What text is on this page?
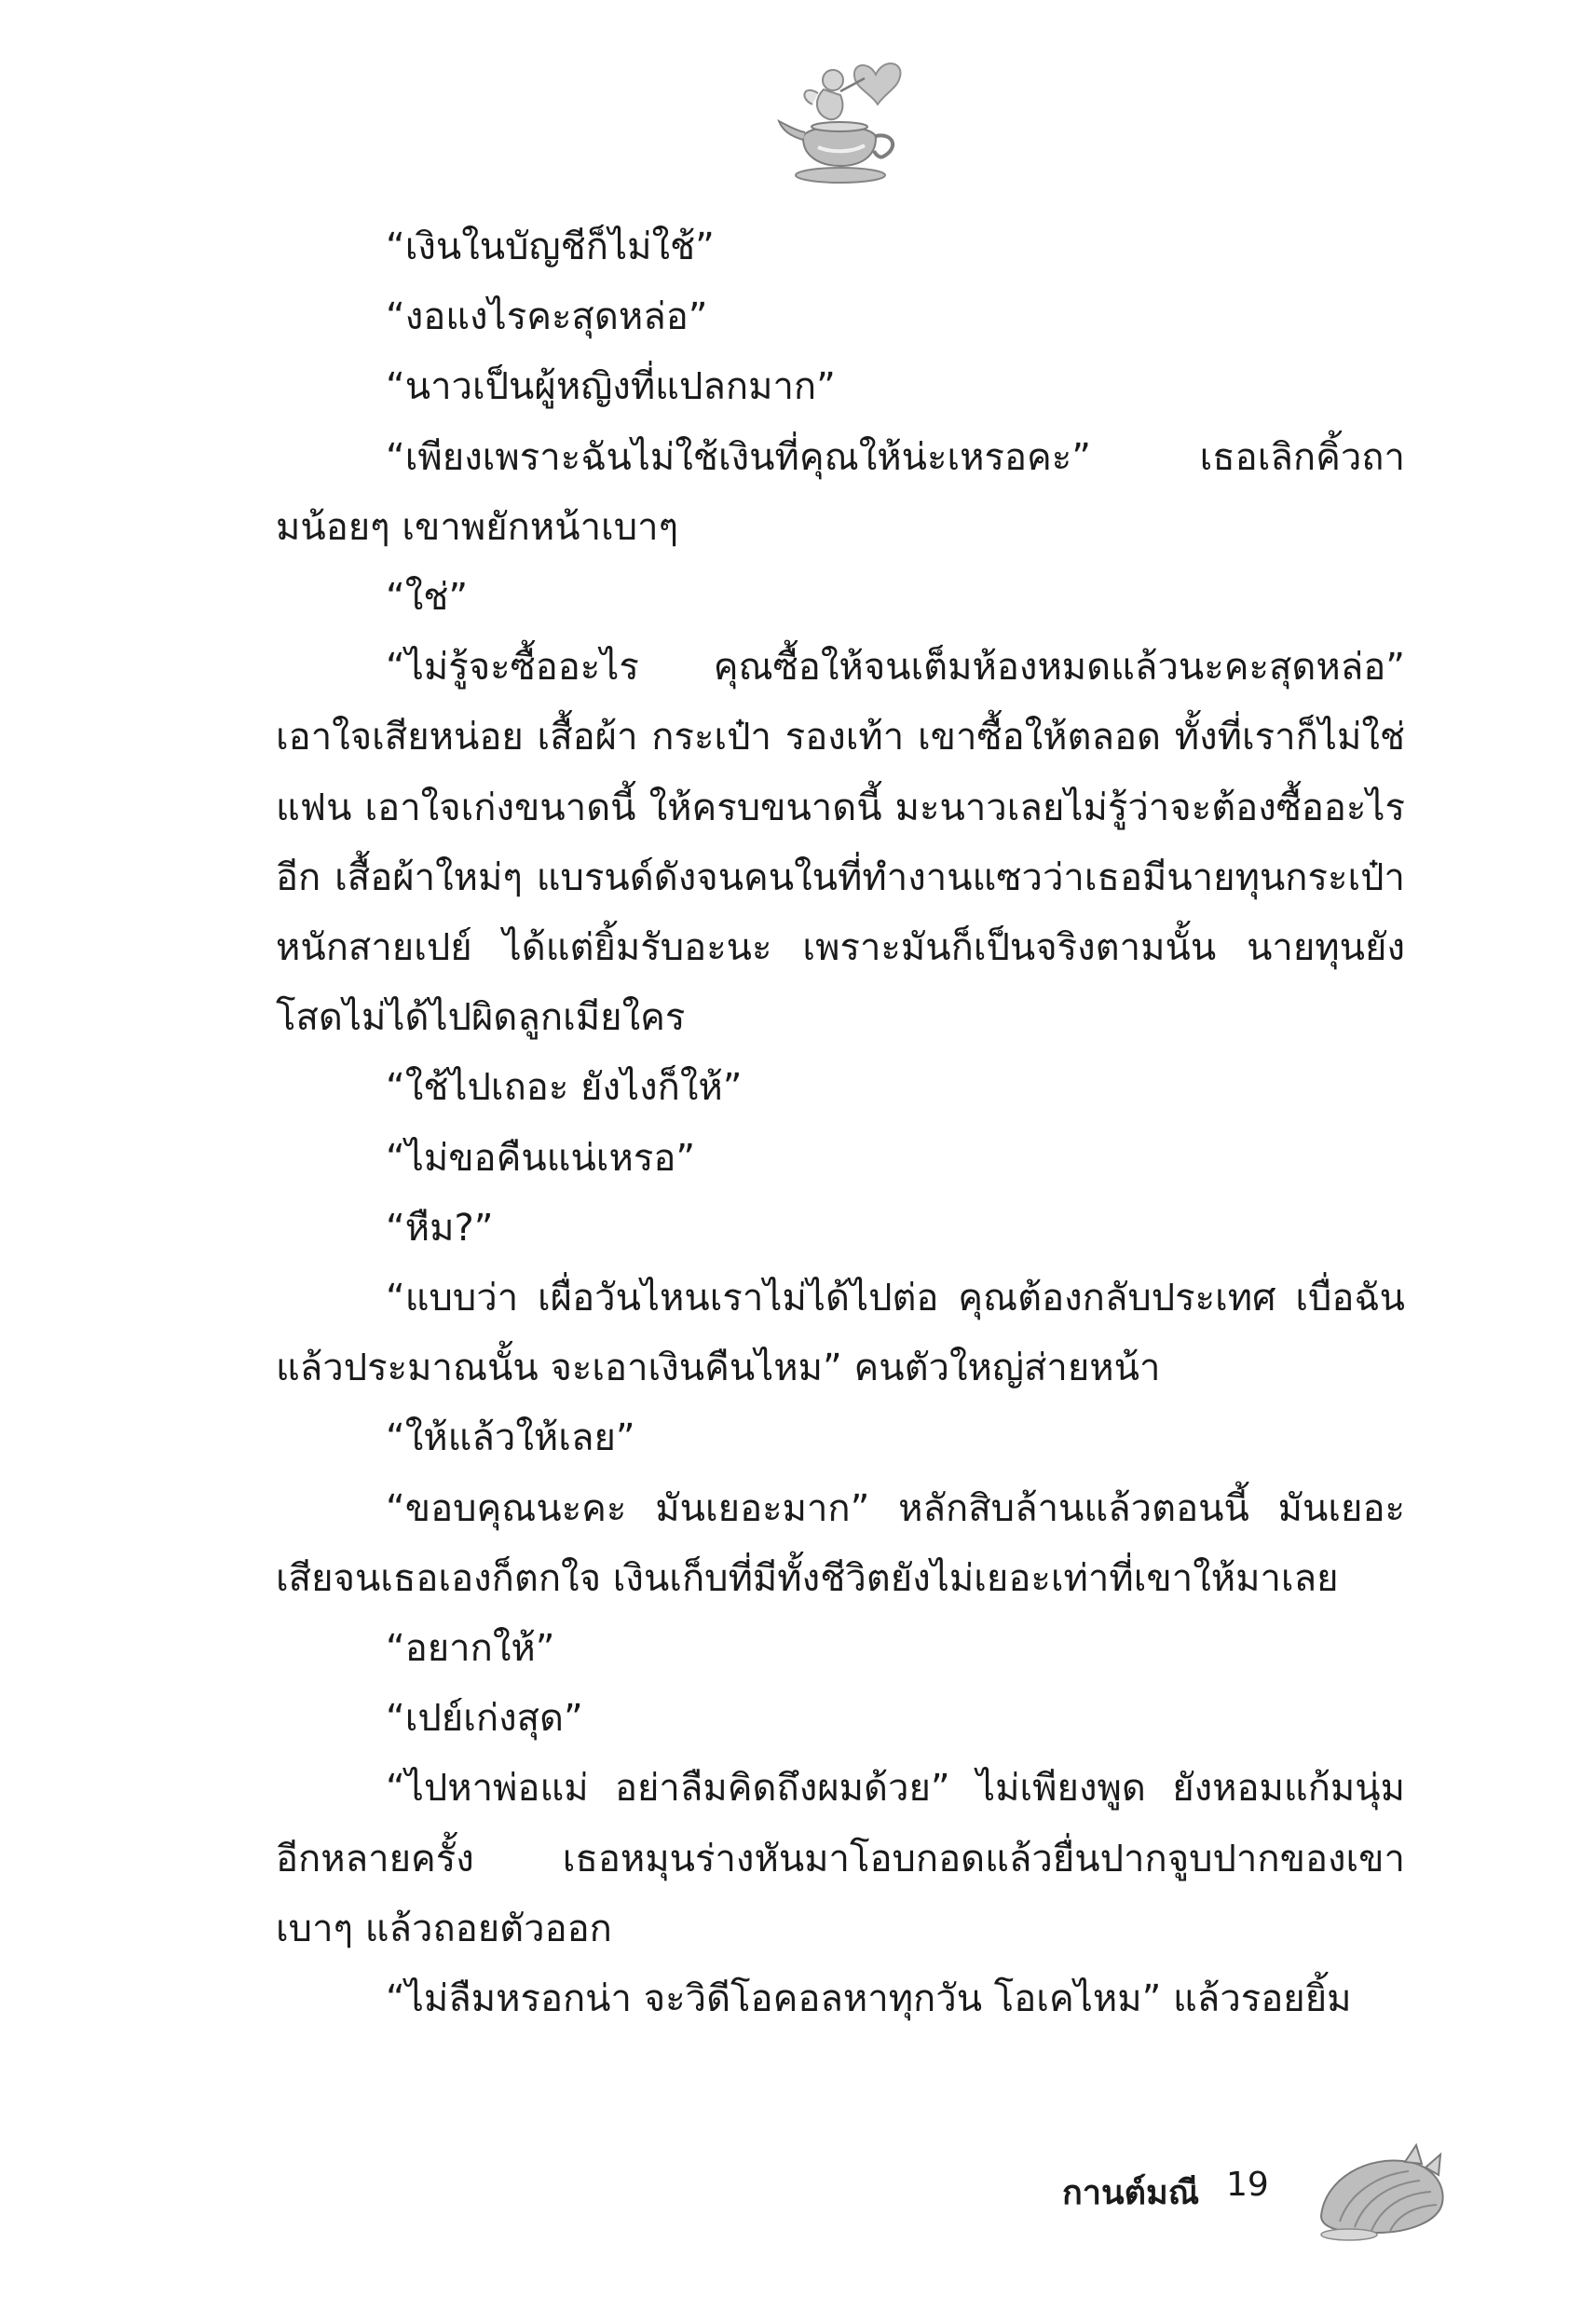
“เงินในบัญชีก็ไม่ใช้”

“งอแงไรคะสุดหล่อ”

“นาวเป็นผู้หญิงที่แปลกมาก”

“เพียงเพราะฉันไม่ใช้เงินที่คุณให้น่ะเหรอคะ” เธอเลิกคิ้วถามน้อยๆ เขาพยักหน้าเบาๆ

“ใช่”

“ไม่รู้จะซื้ออะไร คุณซื้อให้จนเต็มห้องหมดแล้วนะคะสุดหล่อ” เอาใจเสียหน่อย เสื้อผ้า กระเป๋า รองเท้า เขาซื้อให้ตลอด ทั้งที่เราก็ไม่ใช่แฟน เอาใจเก่งขนาดนี้ ให้ครบขนาดนี้ มะนาวเลยไม่รู้ว่าจะต้องซื้ออะไรอีก เสื้อผ้าใหม่ๆ แบรนด์ดังจนคนในที่ทำงานแซวว่าเธอมีนายทุนกระเป๋าหนักสายเปย์ ได้แต่ยิ้มรับอะนะ เพราะมันก็เป็นจริงตามนั้น นายทุนยังโสดไม่ได้ไปผิดลูกเมียใคร

“ใช้ไปเถอะ ยังไงก็ให้”

“ไม่ขอคืนแน่เหรอ”

“หืม?”

“แบบว่า เผื่อวันไหนเราไม่ได้ไปต่อ คุณต้องกลับประเทศ เบื่อฉันแล้วประมาณนั้น จะเอาเงินคืนไหม” คนตัวใหญ่ส่ายหน้า

“ให้แล้วให้เลย”

“ขอบคุณนะคะ มันเยอะมาก” หลักสิบล้านแล้วตอนนี้ มันเยอะเสียจนเธอเองก็ตกใจ เงินเก็บที่มีทั้งชีวิตยังไม่เยอะเท่าที่เขาให้มาเลย

“อยากให้”

“เปย์เก่งสุด”

“ไปหาพ่อแม่ อย่าลืมคิดถึงผมด้วย” ไม่เพียงพูด ยังหอมแก้มนุ่มอีกหลายครั้ง เธอหมุนร่างหันมาโอบกอดแล้วยื่นปากจูบปากของเขาเบาๆ แล้วถอยตัวออก

“ไม่ลืมหรอกน่า จะวิดีโอคอลหาทุกวัน โอเคไหม” แล้วรอยยิ้ม

กานต์มณี 19
